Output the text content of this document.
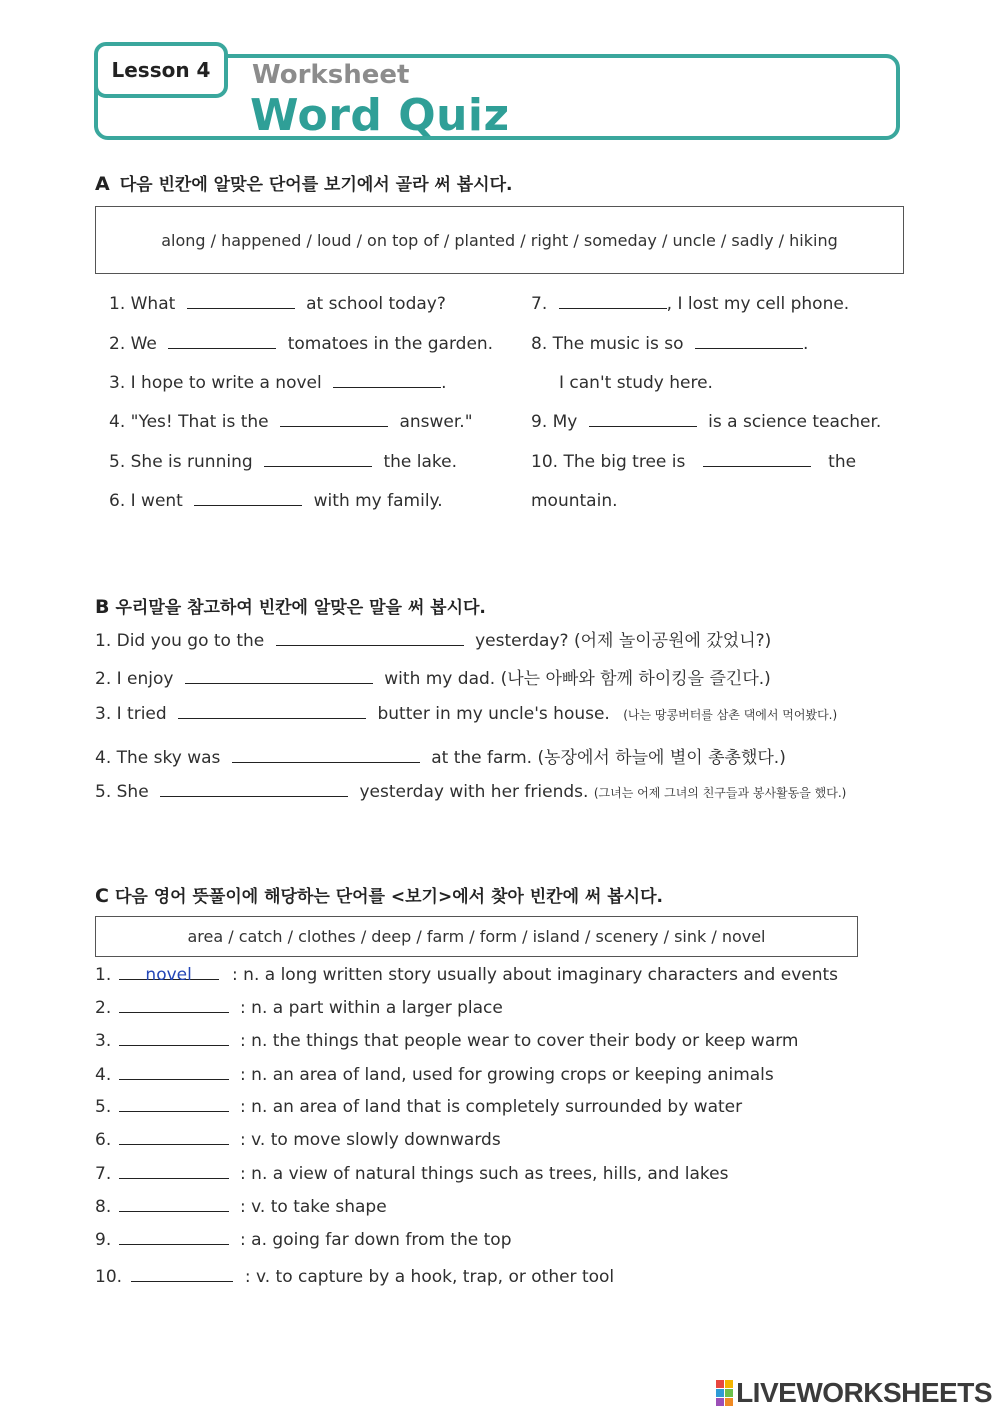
Lesson 4	Worksheet
Word Quiz
A 다음 빈칸에 알맞은 단어를 보기에서 골라 써 봅시다.
along / happened / loud / on top of / planted / right / someday / uncle / sadly / hiking
1. What	at school today?
2. We	tomatoes in the garden.
3. I hope to write a novel	.
4. "Yes! That is the	answer."
5. She is running	the lake.
6. I went	with my family.
7.	, I lost my cell phone.
8. The music is so	.
I can't study here.
9. My	is a science teacher.
10. The big tree is	the
mountain.
B 우리말을 참고하여 빈칸에 알맞은 말을 써 봅시다.
1. Did you go to the	yesterday? (어제 놀이공원에 갔었니?)
2. I enjoy	with my dad. (나는 아빠와 함께 하이킹을 즐긴다.)
3. I tried	butter in my uncle's house. (나는 땅콩버터를 삼촌 댁에서 먹어봤다.)
4. The sky was	at the farm. (농장에서 하늘에 별이 총총했다.)
5. She	yesterday with her friends. (그녀는 어제 그녀의 친구들과 봉사활동을 했다.)
C 다음 영어 뜻풀이에 해당하는 단어를 <보기>에서 찾아 빈칸에 써 봅시다.
area / catch / clothes / deep / farm / form / island / scenery / sink / novel
1. novel : n. a long written story usually about imaginary characters and events
2.	: n. a part within a larger place
3.	: n. the things that people wear to cover their body or keep warm
4.	: n. an area of land, used for growing crops or keeping animals
5.	: n. an area of land that is completely surrounded by water
6.	: v. to move slowly downwards
7.	: n. a view of natural things such as trees, hills, and lakes
8.	: v. to take shape
9.	: a. going far down from the top
10.	: v. to capture by a hook, trap, or other tool
LIVEWORKSHEETS
